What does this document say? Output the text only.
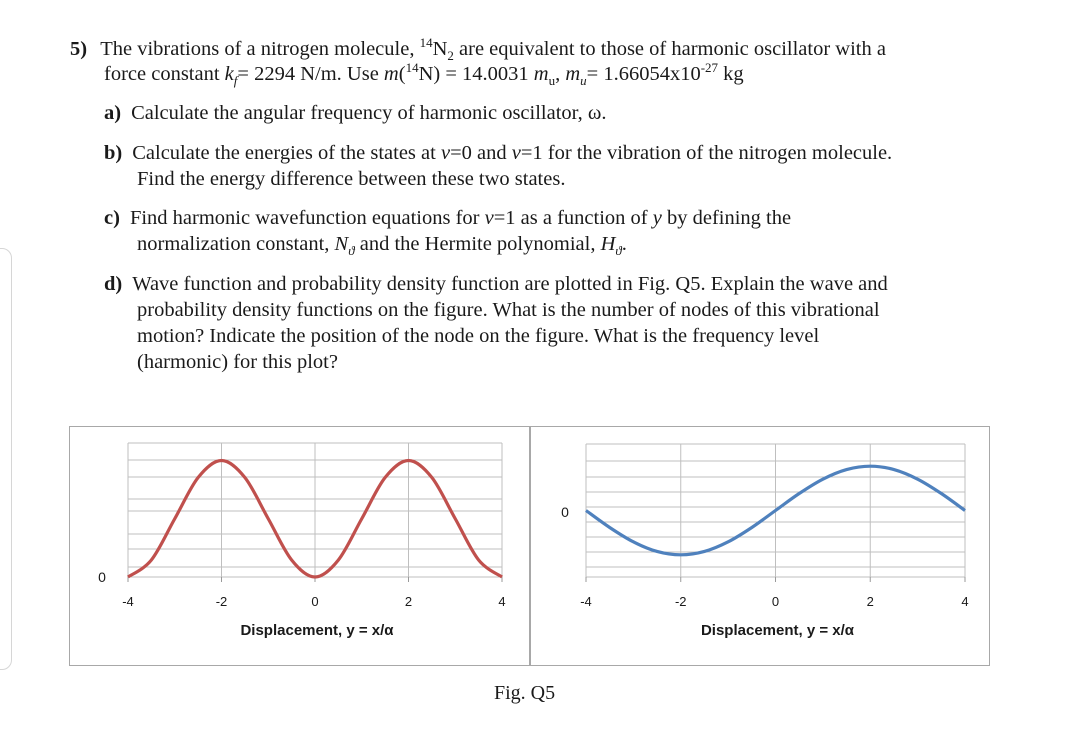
5) The vibrations of a nitrogen molecule, $^{14}N_2$ are equivalent to those of harmonic oscillator with a
force constant $k_f= 2294$ N/m. Use m($^{14}$N) = 14.0031 $m_u$, $m_u= 1.66054x10^{-27}$ kg
a) Calculate the angular frequency of harmonic oscillator, ω.
b) Calculate the energies of the states at v=0 and v=1 for the vibration of the nitrogen molecule.
Find the energy difference between these two states.
c) Find harmonic wavefunction equations for v=1 as a function of y by defining the
normalization constant, $N_ϑ$ and the Hermite polynomial, $H_ϑ$.
d) Wave function and probability density function are plotted in Fig. Q5. Explain the wave and
probability density functions on the figure. What is the number of nodes of this vibrational
motion? Indicate the position of the node on the figure. What is the frequency level
(harmonic) for this plot?
-4	-2	0	2	4
0
Displacement, y = x/α
-4	-2	0	2	4
0
Displacement, y = x/α
Fig. Q5
